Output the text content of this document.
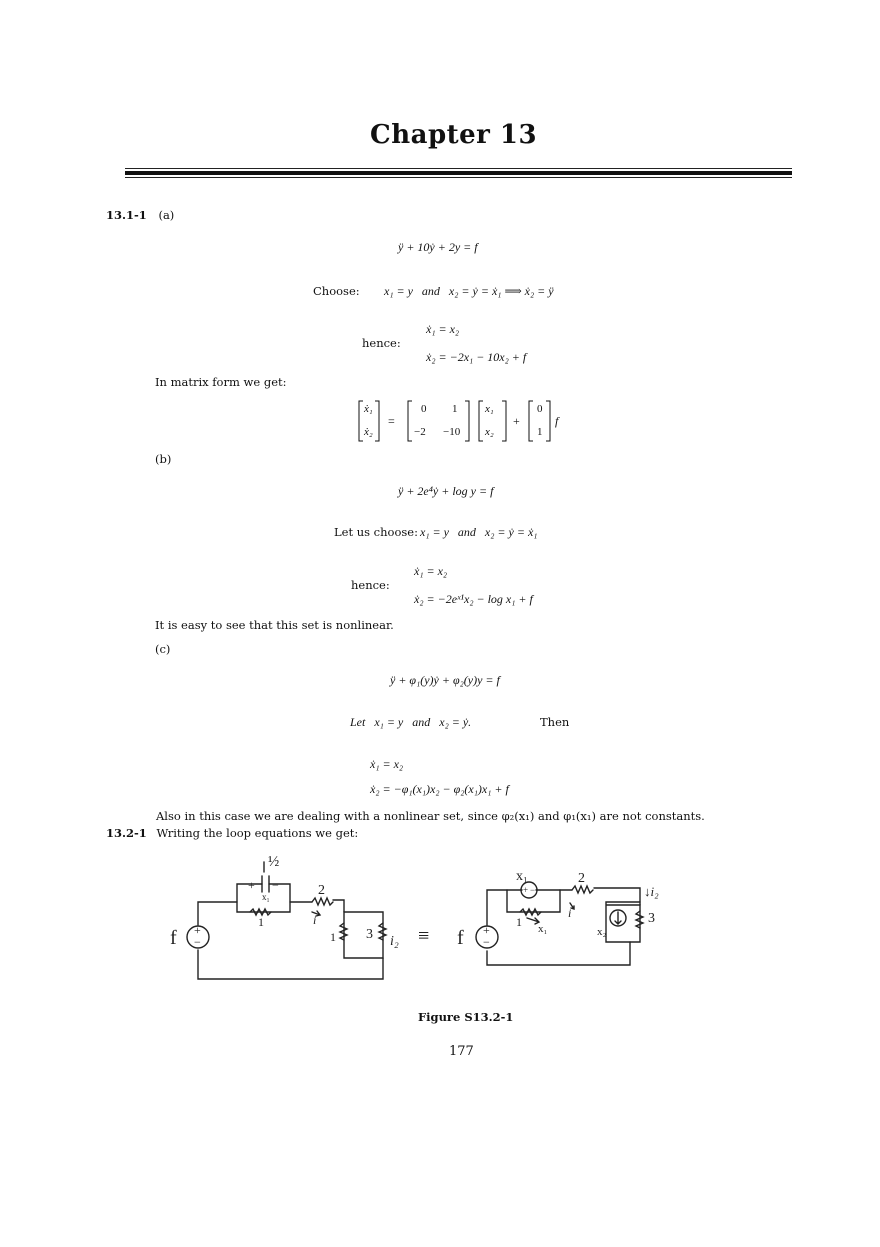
Chapter 13
13.1-1 (a)
ÿ + 10ẏ + 2y = f
Choose: x₁ = y   and   x₂ = ẏ = ẋ₁ ⟹ ẋ₂ = ÿ
ẋ₁ = x₂
hence:
ẋ₂ = −2x₁ − 10x₂ + f
In matrix form we get:
ẋ₁
ẋ₂
=
0 1
−2 −10
x₁
x₂
+
0
1
f
(b)
ÿ + 2e⁴ẏ + log y = f
Let us choose: x₁ = y   and   x₂ = ẏ = ẋ₁
ẋ₁ = x₂
hence:
ẋ₂ = −2eˣ¹x₂ − log x₁ + f
It is easy to see that this set is nonlinear.
(c)
ÿ + φ₁(y)ẏ + φ₂(y)y = f
Let   x₁ = y   and   x₂ = ẏ.	Then
ẋ₁ = x₂
ẋ₂ = −φ₁(x₁)x₂ − φ₂(x₁)x₁ + f
Also in this case we are dealing with a nonlinear set, since φ₂(x₁) and φ₁(x₁) are not constants.
13.2-1 Writing the loop equations we get:
+
−
f
½
+ −
x₁
1
2
i
1 3 i₂ ≡	+
−
f
x₁
+ −
1 x₁
2
i
x₂
3
↓i₂
Figure S13.2-1
177
